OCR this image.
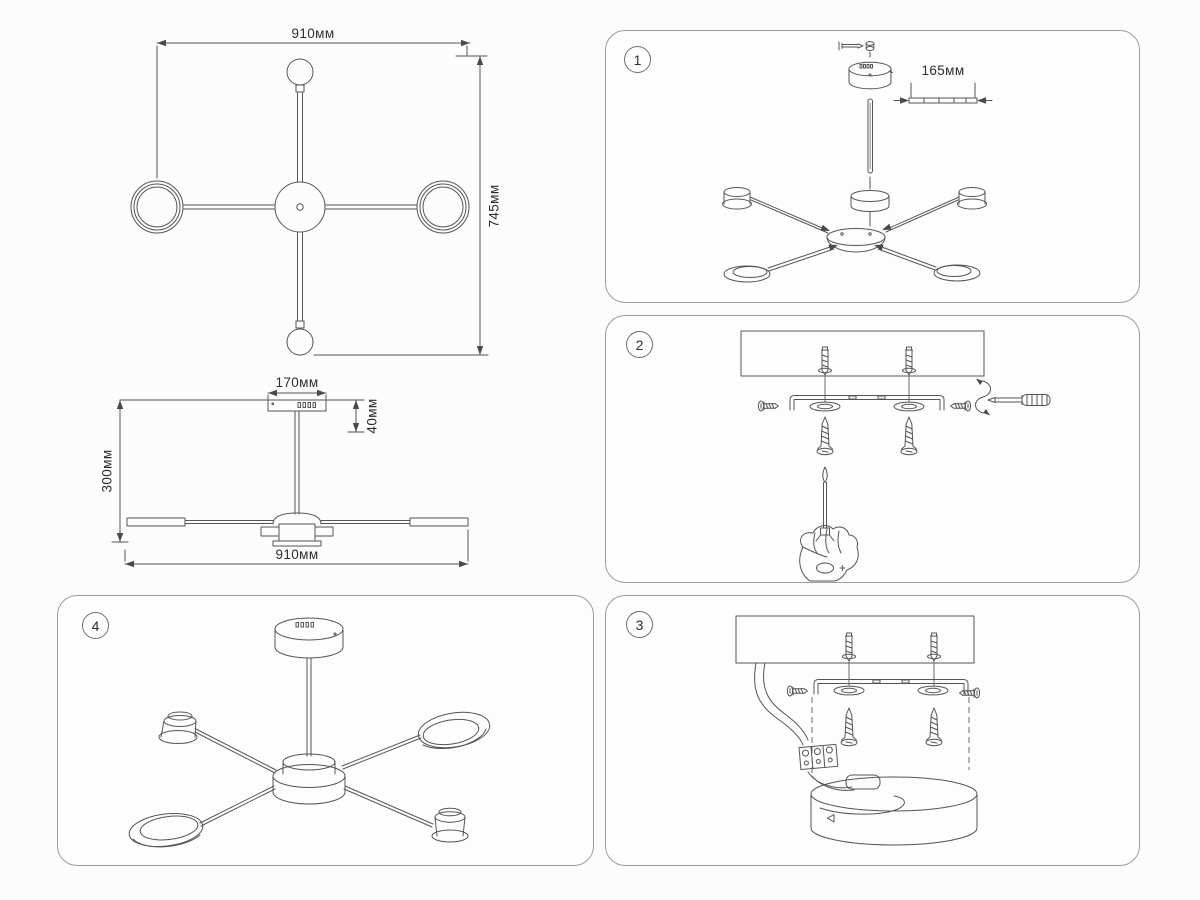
910мм
745мм
170мм
40мм
300мм
910мм
1
165мм
2
3
4
